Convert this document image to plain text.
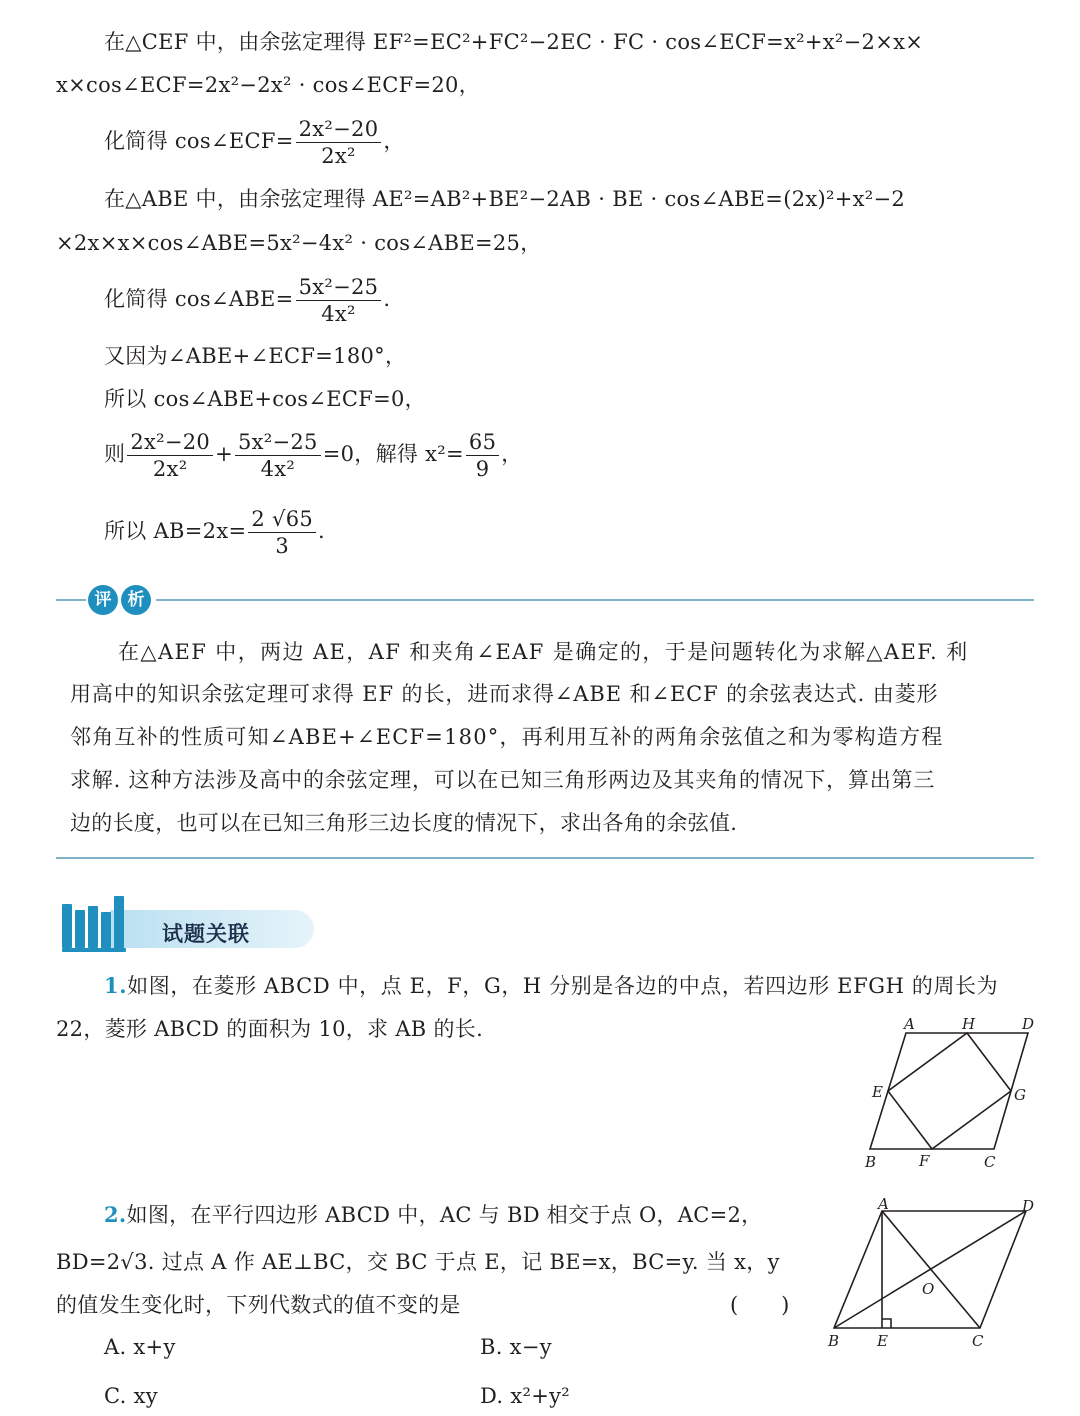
在△CEF 中，由余弦定理得 EF²=EC²+FC²−2EC · FC · cos∠ECF=x²+x²−2×x×
x×cos∠ECF=2x²−2x² · cos∠ECF=20，
化简得 cos∠ECF= $\frac{\text{2x²−20}}{\text{2x²}}$ ，
在△ABE 中，由余弦定理得 AE²=AB²+BE²−2AB · BE · cos∠ABE=(2x)²+x²−2
×2x×x×cos∠ABE=5x²−4x² · cos∠ABE=25，
化简得 cos∠ABE= $\frac{\text{5x²−25}}{\text{4x²}}$ .
又因为∠ABE+∠ECF=180°，
所以 cos∠ABE+cos∠ECF=0，
则 $\frac{\text{2x²−20}}{\text{2x²}} + \frac{\text{5x²−25}}{\text{4x²}} =0$，解得 $x^2= \frac{65}{9}$ ，
所以 $AB=2x= \frac{2 √65}{3}$ .
评 析
在△AEF 中，两边 AE，AF 和夹角∠EAF 是确定的，于是问题转化为求解△AEF. 利
用高中的知识余弦定理可求得 EF 的长，进而求得∠ABE 和∠ECF 的余弦表达式. 由菱形
邻角互补的性质可知∠ABE+∠ECF=180°，再利用互补的两角余弦值之和为零构造方程
求解. 这种方法涉及高中的余弦定理，可以在已知三角形两边及其夹角的情况下，算出第三
边的长度，也可以在已知三角形三边长度的情况下，求出各角的余弦值.
试题关联
1.如图，在菱形 ABCD 中，点 E，F，G，H 分别是各边的中点，若四边形 EFGH 的周长为
22，菱形 ABCD 的面积为 10，求 AB 的长.	A	H	D
E	G
B	F	C
2.如图，在平行四边形 ABCD 中，AC 与 BD 相交于点 O，AC=2，
BD=2√3. 过点 A 作 AE⊥BC，交 BC 于点 E，记 BE=x，BC=y. 当 x，y
的值发生变化时，下列代数式的值不变的是	(　　)
A. x+y	B. x−y
C. xy	D. x²+y²
A	D
O
B	E	C
